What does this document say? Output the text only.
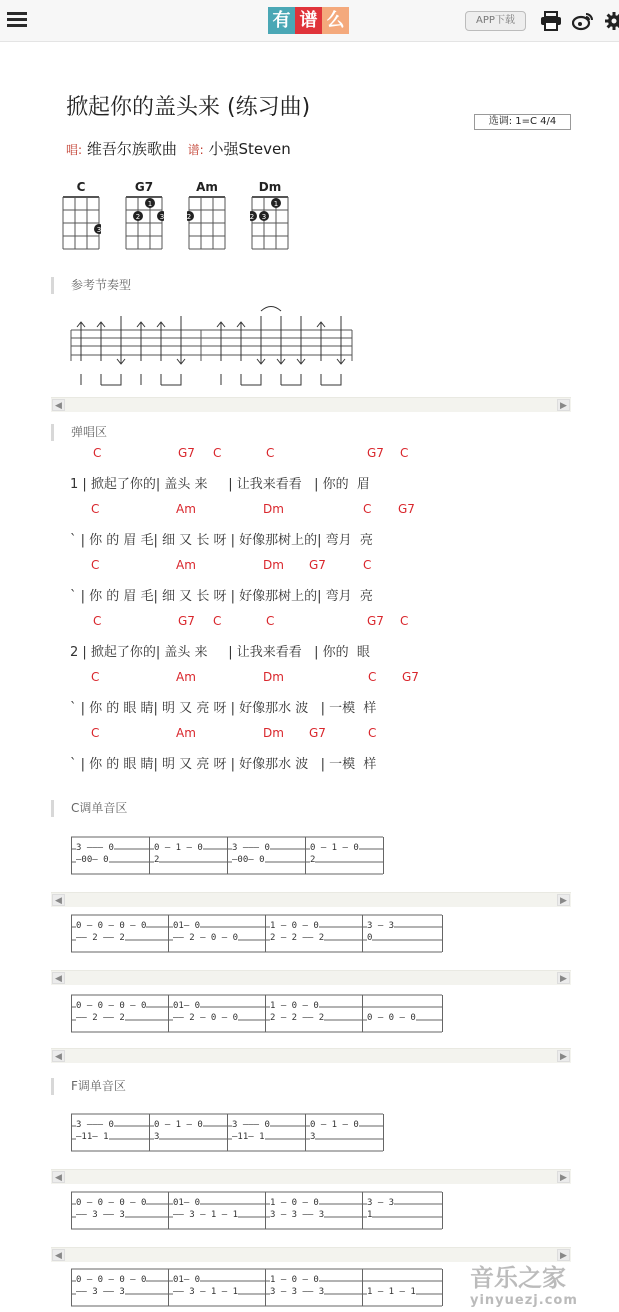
有 谱 么	APP下载
掀起你的盖头来 (练习曲)
选调: 1=C 4/4
唱: 维吾尔族歌曲 谱: 小强Steven
C
3
G7
1
2	3
Am
2
Dm
1
2 3
参考节奏型
◀	▶
弹唱区
C	G7 C	C	G7 C
1 | 掀起了你的| 盖头 来     | 让我来看看   | 你的  眉
C	Am	Dm	C G7
` | 你 的 眉 毛| 细 又 长 呀 | 好像那树上的| 弯月  亮
C	Am	Dm G7	C
` | 你 的 眉 毛| 细 又 长 呀 | 好像那树上的| 弯月  亮
C	G7 C	C	G7 C
2 | 掀起了你的| 盖头 来     | 让我来看看   | 你的  眼
C	Am	Dm	C G7
` | 你 的 眼 睛| 明 又 亮 呀 | 好像那水 波   | 一模  样
C	Am	Dm G7	C
` | 你 的 眼 睛| 明 又 亮 呀 | 好像那水 波   | 一模  样
C调单音区
3 ——— 0
—00— 0
0 — 1 — 0
2
3 ——— 0
—00— 0
0 — 1 — 0
2
0 — 0 — 0 — 0
—— 2 —— 2
01— 0
—— 2 — 0 — 0
1 — 0 — 0
2 — 2 —— 2
3 — 3
0
0 — 0 — 0 — 0
—— 2 —— 2
01— 0
—— 2 — 0 — 0
1 — 0 — 0
2 — 2 —— 2	0 — 0 — 0
◀	▶
◀	▶
◀	▶
F调单音区
3 ——— 0
—11— 1
0 — 1 — 0
3
3 ——— 0
—11— 1
0 — 1 — 0
3
0 — 0 — 0 — 0
—— 3 —— 3
01— 0
—— 3 — 1 — 1
1 — 0 — 0
3 — 3 —— 3
3 — 3
1
0 — 0 — 0 — 0
—— 3 —— 3
01— 0
—— 3 — 1 — 1
1 — 0 — 0
3 — 3 —— 3	1 — 1 — 1
◀	▶
◀	▶
音乐之家
yinyuezj.com
